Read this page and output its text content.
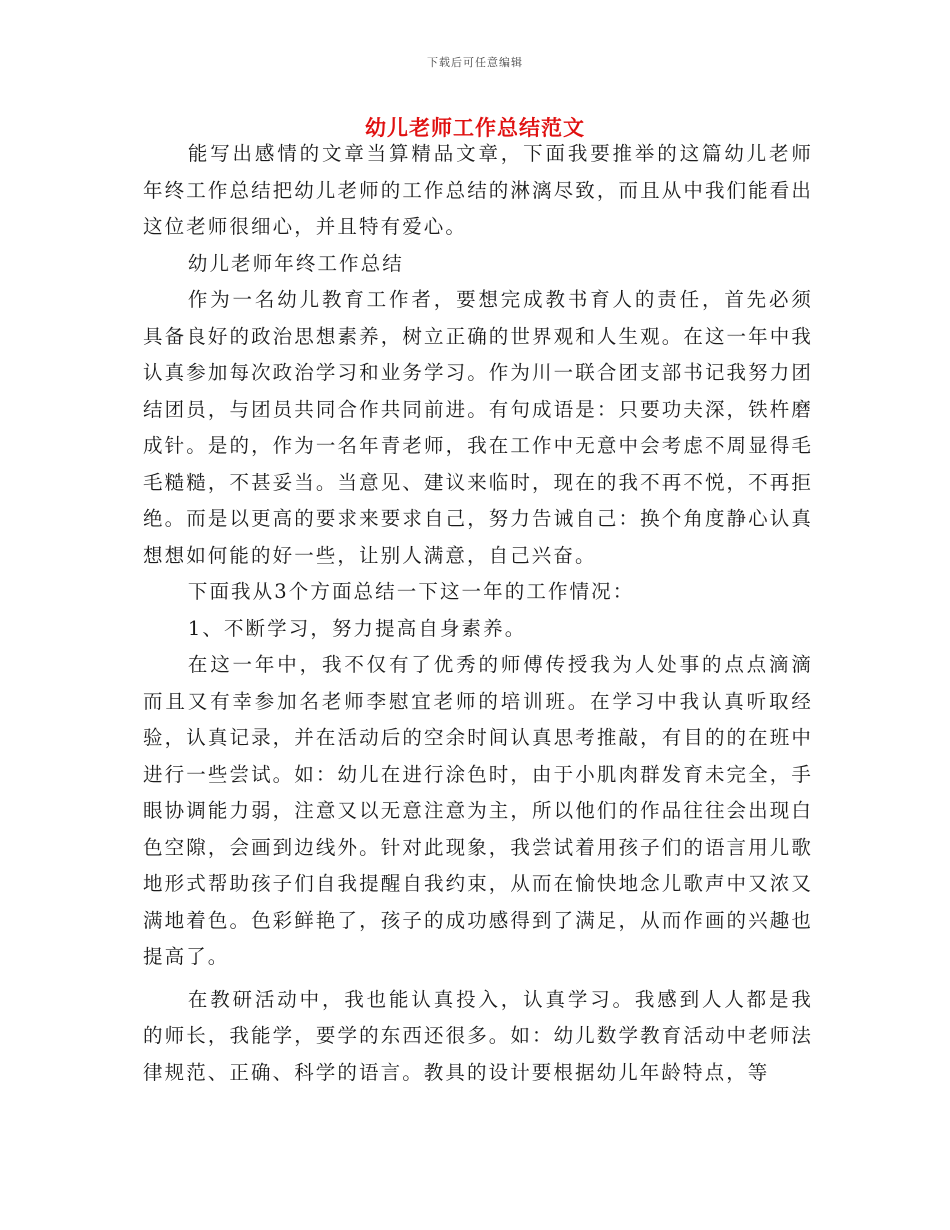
下载后可任意编辑
幼儿老师工作总结范文

能写出感情的文章当算精品文章，下面我要推举的这篇幼儿老师年终工作总结把幼儿老师的工作总结的淋漓尽致，而且从中我们能看出这位老师很细心，并且特有爱心。

幼儿老师年终工作总结

作为一名幼儿教育工作者，要想完成教书育人的责任，首先必须具备良好的政治思想素养，树立正确的世界观和人生观。在这一年中我认真参加每次政治学习和业务学习。作为川一联合团支部书记我努力团结团员，与团员共同合作共同前进。有句成语是：只要功夫深，铁杵磨成针。是的，作为一名年青老师，我在工作中无意中会考虑不周显得毛毛糙糙，不甚妥当。当意见、建议来临时，现在的我不再不悦，不再拒绝。而是以更高的要求来要求自己，努力告诫自己：换个角度静心认真想想如何能的好一些，让别人满意，自己兴奋。

下面我从3个方面总结一下这一年的工作情况：

1、不断学习，努力提高自身素养。

在这一年中，我不仅有了优秀的师傅传授我为人处事的点点滴滴而且又有幸参加名老师李慰宜老师的培训班。在学习中我认真听取经验，认真记录，并在活动后的空余时间认真思考推敲，有目的的在班中进行一些尝试。如：幼儿在进行涂色时，由于小肌肉群发育未完全，手眼协调能力弱，注意又以无意注意为主，所以他们的作品往往会出现白色空隙，会画到边线外。针对此现象，我尝试着用孩子们的语言用儿歌地形式帮助孩子们自我提醒自我约束，从而在愉快地念儿歌声中又浓又满地着色。色彩鲜艳了，孩子的成功感得到了满足，从而作画的兴趣也提高了。

在教研活动中，我也能认真投入，认真学习。我感到人人都是我的师长，我能学，要学的东西还很多。如：幼儿数学教育活动中老师法律规范、正确、科学的语言。教具的设计要根据幼儿年龄特点，等
